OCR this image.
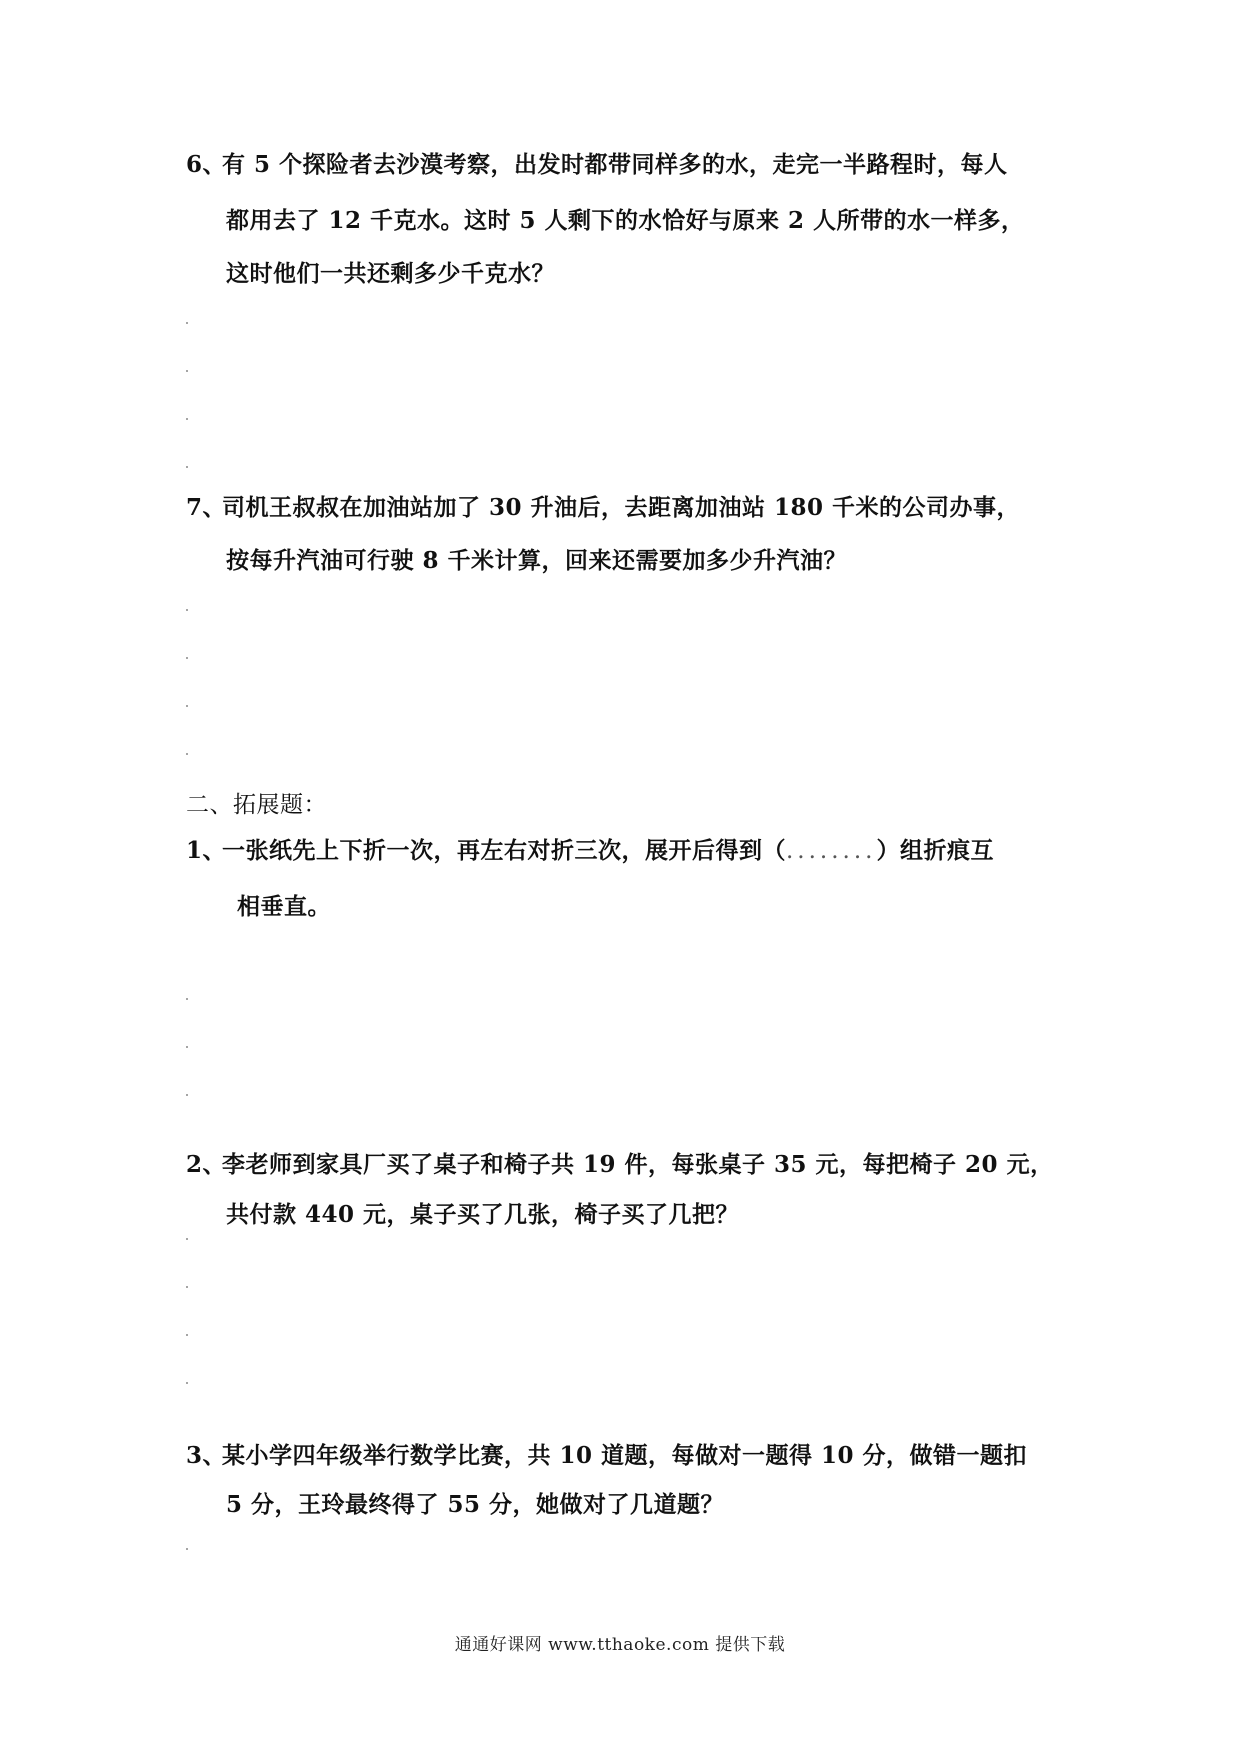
6、有 5 个探险者去沙漠考察，出发时都带同样多的水，走完一半路程时，每人
都用去了 12 千克水。这时 5 人剩下的水恰好与原来 2 人所带的水一样多，
这时他们一共还剩多少千克水？
7、司机王叔叔在加油站加了 30 升油后，去距离加油站 180 千米的公司办事，
按每升汽油可行驶 8 千米计算，回来还需要加多少升汽油？
二、拓展题：
1、一张纸先上下折一次，再左右对折三次，展开后得到（........）组折痕互
相垂直。
2、李老师到家具厂买了桌子和椅子共 19 件，每张桌子 35 元，每把椅子 20 元，
共付款 440 元，桌子买了几张，椅子买了几把？
3、某小学四年级举行数学比赛，共 10 道题，每做对一题得 10 分，做错一题扣
5 分，王玲最终得了 55 分，她做对了几道题？
通通好课网 www.tthaoke.com 提供下载
